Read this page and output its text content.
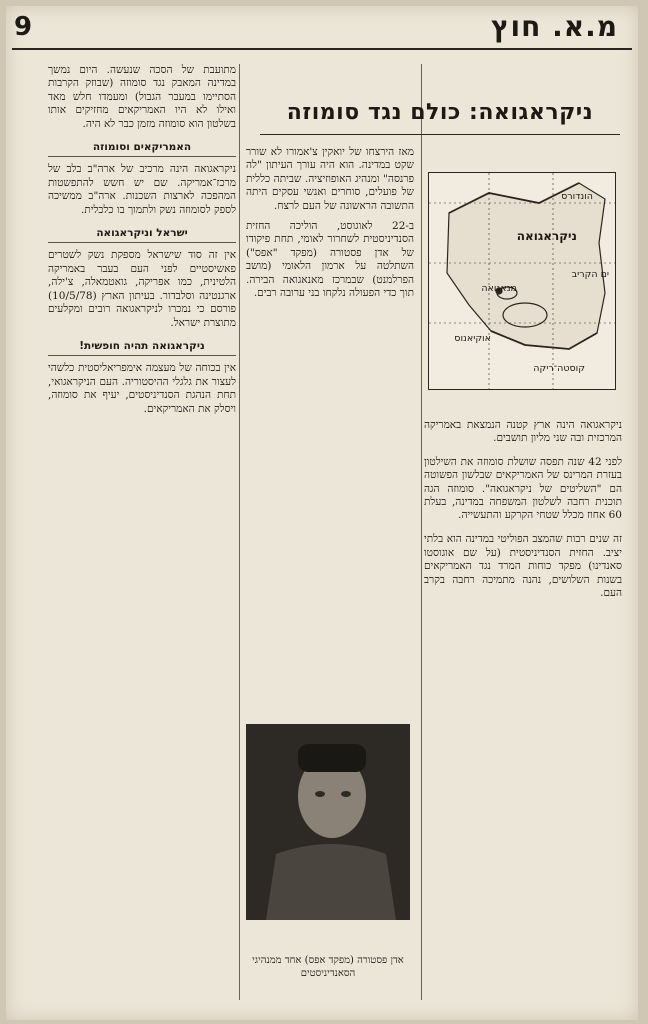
9	מ.א. חוץ
ניקראגואה: כולם נגד סומוזה
הונדורס
ניקראגואה
מנאגואה
ים הקריב
אוקיאנוס
קוסטה־ריקה

ניקראגואה הינה ארץ קטנה הנמצאת באמריקה המרכזית ובה שני מליון תושבים.

לפני 42 שנה תפסה שושלת סומוזה את השילטון בעזרת המרינס של האמריקאים שבלשון הפשוטה הם "השליטים של ניקראגואה". סומוזה הגה תוכנית רחבה לשלטון המשפחה במדינה, בעלת 60 אחוז מכלל שטחי הקרקע והתעשייה.

זה שנים רבות שהמצב הפוליטי במדינה הוא בלתי יציב. החזית הסנדיניסטית (על שם אוגוסטו סאנדינו) מפקד כוחות המרד נגד האמריקאים בשנות השלושים, נהנה מתמיכה רחבה בקרב העם.

מאז הירצחו של יואקין צ'אמורו לא שורר שקט במדינה. הוא היה עורך העיתון "לה פרנסה" ומנהיג האופוזיציה. שביתה כללית של פועלים, סוחרים ואנשי עסקים היתה התשובה הראשונה של העם לרצח.

ב-22 לאוגוסט, הוליכה החזית הסנדיניסטית לשחרור לאומי, תחת פיקודו של אדן פסטורה (מפקד "אפס") השתלטה על ארמון הלאומי (מושב הפרלמנט) שבמרכז מאנאגואה הבירה. תוך כדי הפעולה נלקחו בני ערובה רבים.

אדן פסטורה (מפקד אפס) אחד ממנהיגי הסאנדיניסטים

מתועבת של הסכה שנעשה. היום נמשך במדינה המאבק נגד סומוזה (שבוזק הקרבות הסתיימו במעבר הגבול) ומעמדו חלש מאד ואילו לא היו האמריקאים מחזיקים אותו בשלטון הוא סומוזה מזמן כבר לא היה.

האמריקאים וסומוזה

ניקראגואה הינה מרכיב של ארה"ב בלב של מרכז־אמריקה. שם יש חשש להתפשטות המהפכה לארצות השכנות. ארה"ב ממשיכה לספק לסומוזה נשק ולתמוך בו כלכלית.

ישראל וניקראגואה

אין זה סוד שישראל מספקת נשק לשטרים פאשיסטיים לפני העם בעבר באמריקה הלטינית, כמו אפריקה, גואטמאלה, צ'ילה, ארגנטינה וסלבדור. בעיתון הארץ (10/5/78) פורסם כי נמכרו לניקראגואה רובים ומקלעים מתוצרת ישראל.

ניקראגואה תהיה חופשית!

אין בכוחה של מעצמה אימפריאליסטית כלשהי לעצור את גלגלי ההיסטוריה. העם הניקראגואי, תחת הנהגת הסנדיניסטים, יעיף את סומוזה, ויסלק את האמריקאים.
